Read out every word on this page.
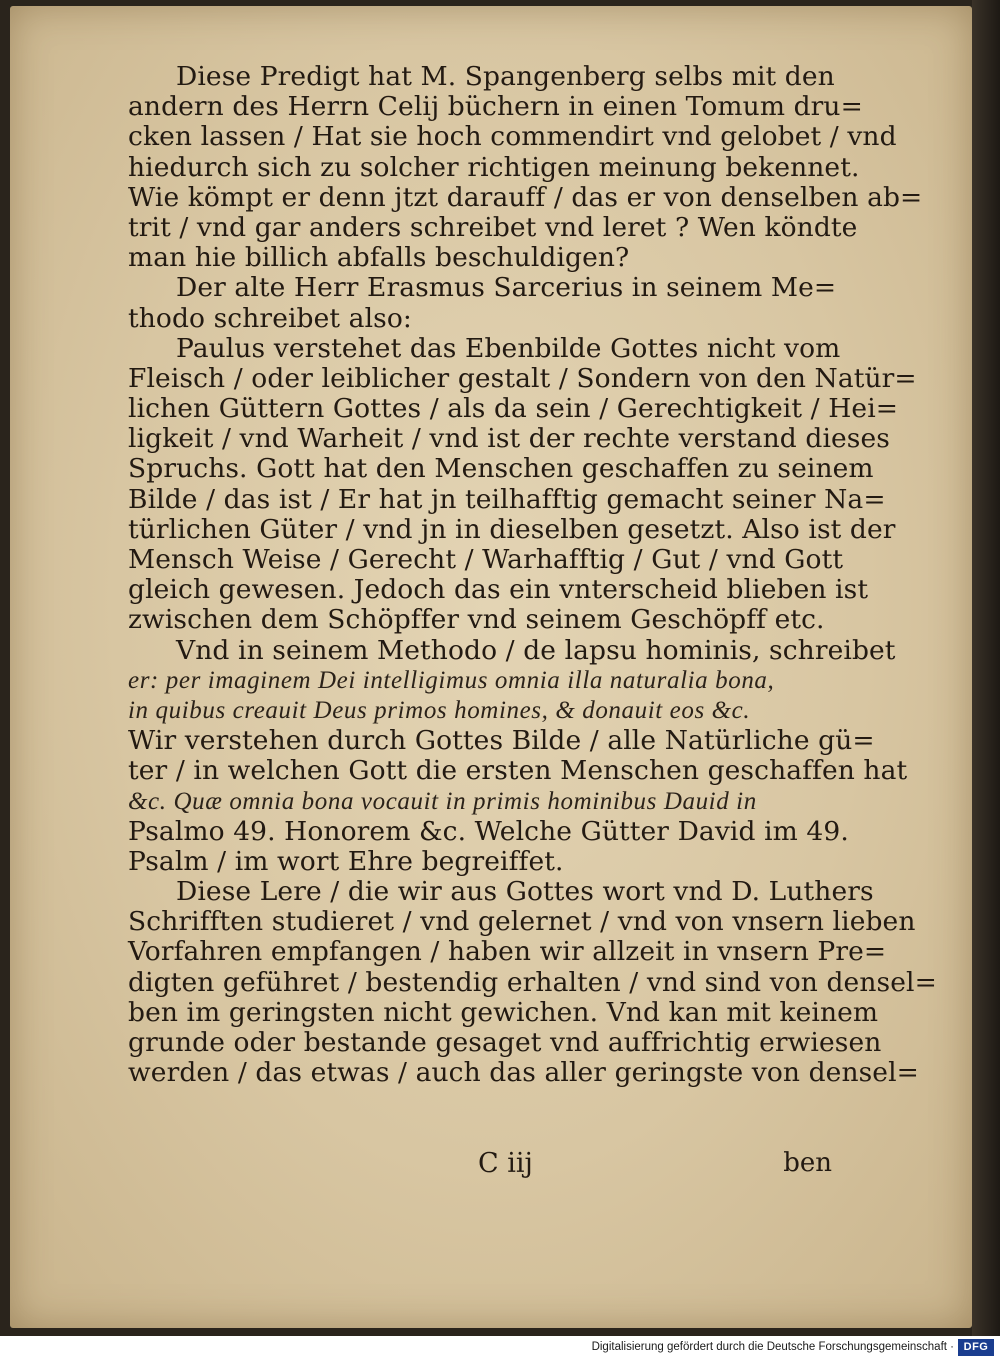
Diese Predigt hat M. Spangenberg selbs mit den
andern des Herrn Celij büchern in einen Tomum dru=
cken lassen / Hat sie hoch commendirt vnd gelobet / vnd
hiedurch sich zu solcher richtigen meinung bekennet.
Wie kömpt er denn jtzt darauff / das er von denselben ab=
trit / vnd gar anders schreibet vnd leret ? Wen köndte
man hie billich abfalls beschuldigen?
Der alte Herr Erasmus Sarcerius in seinem Me=
thodo schreibet also:
Paulus verstehet das Ebenbilde Gottes nicht vom
Fleisch / oder leiblicher gestalt / Sondern von den Natür=
lichen Güttern Gottes / als da sein / Gerechtigkeit / Hei=
ligkeit / vnd Warheit / vnd ist der rechte verstand dieses
Spruchs. Gott hat den Menschen geschaffen zu seinem
Bilde / das ist / Er hat jn teilhafftig gemacht seiner Na=
türlichen Güter / vnd jn in dieselben gesetzt. Also ist der
Mensch Weise / Gerecht / Warhafftig / Gut / vnd Gott
gleich gewesen. Jedoch das ein vnterscheid blieben ist
zwischen dem Schöpffer vnd seinem Geschöpff etc.
Vnd in seinem Methodo / de lapsu hominis, schreibet
er: per imaginem Dei intelligimus omnia illa naturalia bona,
in quibus creauit Deus primos homines, & donauit eos &c.
Wir verstehen durch Gottes Bilde / alle Natürliche gü=
ter / in welchen Gott die ersten Menschen geschaffen hat
&c. Quæ omnia bona vocauit in primis hominibus Dauid in
Psalmo 49. Honorem &c. Welche Gütter David im 49.
Psalm / im wort Ehre begreiffet.
Diese Lere / die wir aus Gottes wort vnd D. Luthers
Schrifften studieret / vnd gelernet / vnd von vnsern lieben
Vorfahren empfangen / haben wir allzeit in vnsern Pre=
digten geführet / bestendig erhalten / vnd sind von densel=
ben im geringsten nicht gewichen. Vnd kan mit keinem
grunde oder bestande gesaget vnd auffrichtig erwiesen
werden / das etwas / auch das aller geringste von densel=
C iij	ben
Digitalisierung gefördert durch die Deutsche Forschungsgemeinschaft · DFG
